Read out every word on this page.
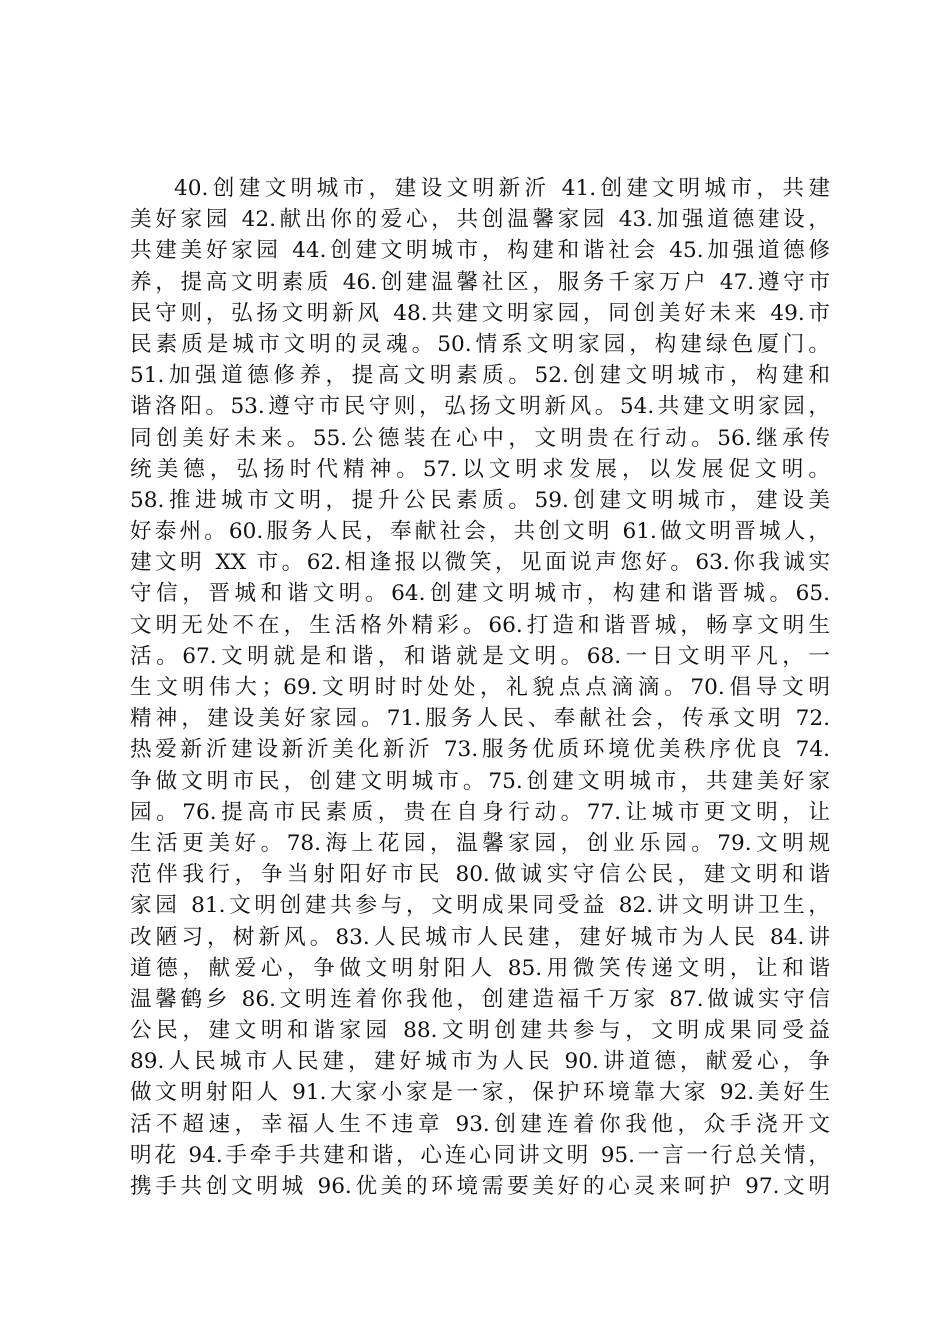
40.创建文明城市，建设文明新沂 41.创建文明城市，共建
美好家园 42.献出你的爱心，共创温馨家园 43.加强道德建设，
共建美好家园 44.创建文明城市，构建和谐社会 45.加强道德修
养，提高文明素质 46.创建温馨社区，服务千家万户 47.遵守市
民守则，弘扬文明新风 48.共建文明家园，同创美好未来 49.市
民素质是城市文明的灵魂。50.情系文明家园，构建绿色厦门。
51.加强道德修养，提高文明素质。52.创建文明城市，构建和
谐洛阳。53.遵守市民守则，弘扬文明新风。54.共建文明家园，
同创美好未来。55.公德装在心中，文明贵在行动。56.继承传
统美德，弘扬时代精神。57.以文明求发展，以发展促文明。
58.推进城市文明，提升公民素质。59.创建文明城市，建设美
好泰州。60.服务人民，奉献社会，共创文明 61.做文明晋城人，
建文明 XX 市。62.相逢报以微笑，见面说声您好。63.你我诚实
守信，晋城和谐文明。64.创建文明城市，构建和谐晋城。65.
文明无处不在，生活格外精彩。66.打造和谐晋城，畅享文明生
活。67.文明就是和谐，和谐就是文明。68.一日文明平凡，一
生文明伟大；69.文明时时处处，礼貌点点滴滴。70.倡导文明
精神，建设美好家园。71.服务人民、奉献社会，传承文明 72.
热爱新沂建设新沂美化新沂 73.服务优质环境优美秩序优良 74.
争做文明市民，创建文明城市。75.创建文明城市，共建美好家
园。76.提高市民素质，贵在自身行动。77.让城市更文明，让
生活更美好。78.海上花园，温馨家园，创业乐园。79.文明规
范伴我行，争当射阳好市民 80.做诚实守信公民，建文明和谐
家园 81.文明创建共参与，文明成果同受益 82.讲文明讲卫生，
改陋习，树新风。83.人民城市人民建，建好城市为人民 84.讲
道德，献爱心，争做文明射阳人 85.用微笑传递文明，让和谐
温馨鹤乡 86.文明连着你我他，创建造福千万家 87.做诚实守信
公民，建文明和谐家园 88.文明创建共参与，文明成果同受益
89.人民城市人民建，建好城市为人民 90.讲道德，献爱心，争
做文明射阳人 91.大家小家是一家，保护环境靠大家 92.美好生
活不超速，幸福人生不违章 93.创建连着你我他，众手浇开文
明花 94.手牵手共建和谐，心连心同讲文明 95.一言一行总关情，
携手共创文明城 96.优美的环境需要美好的心灵来呵护 97.文明
